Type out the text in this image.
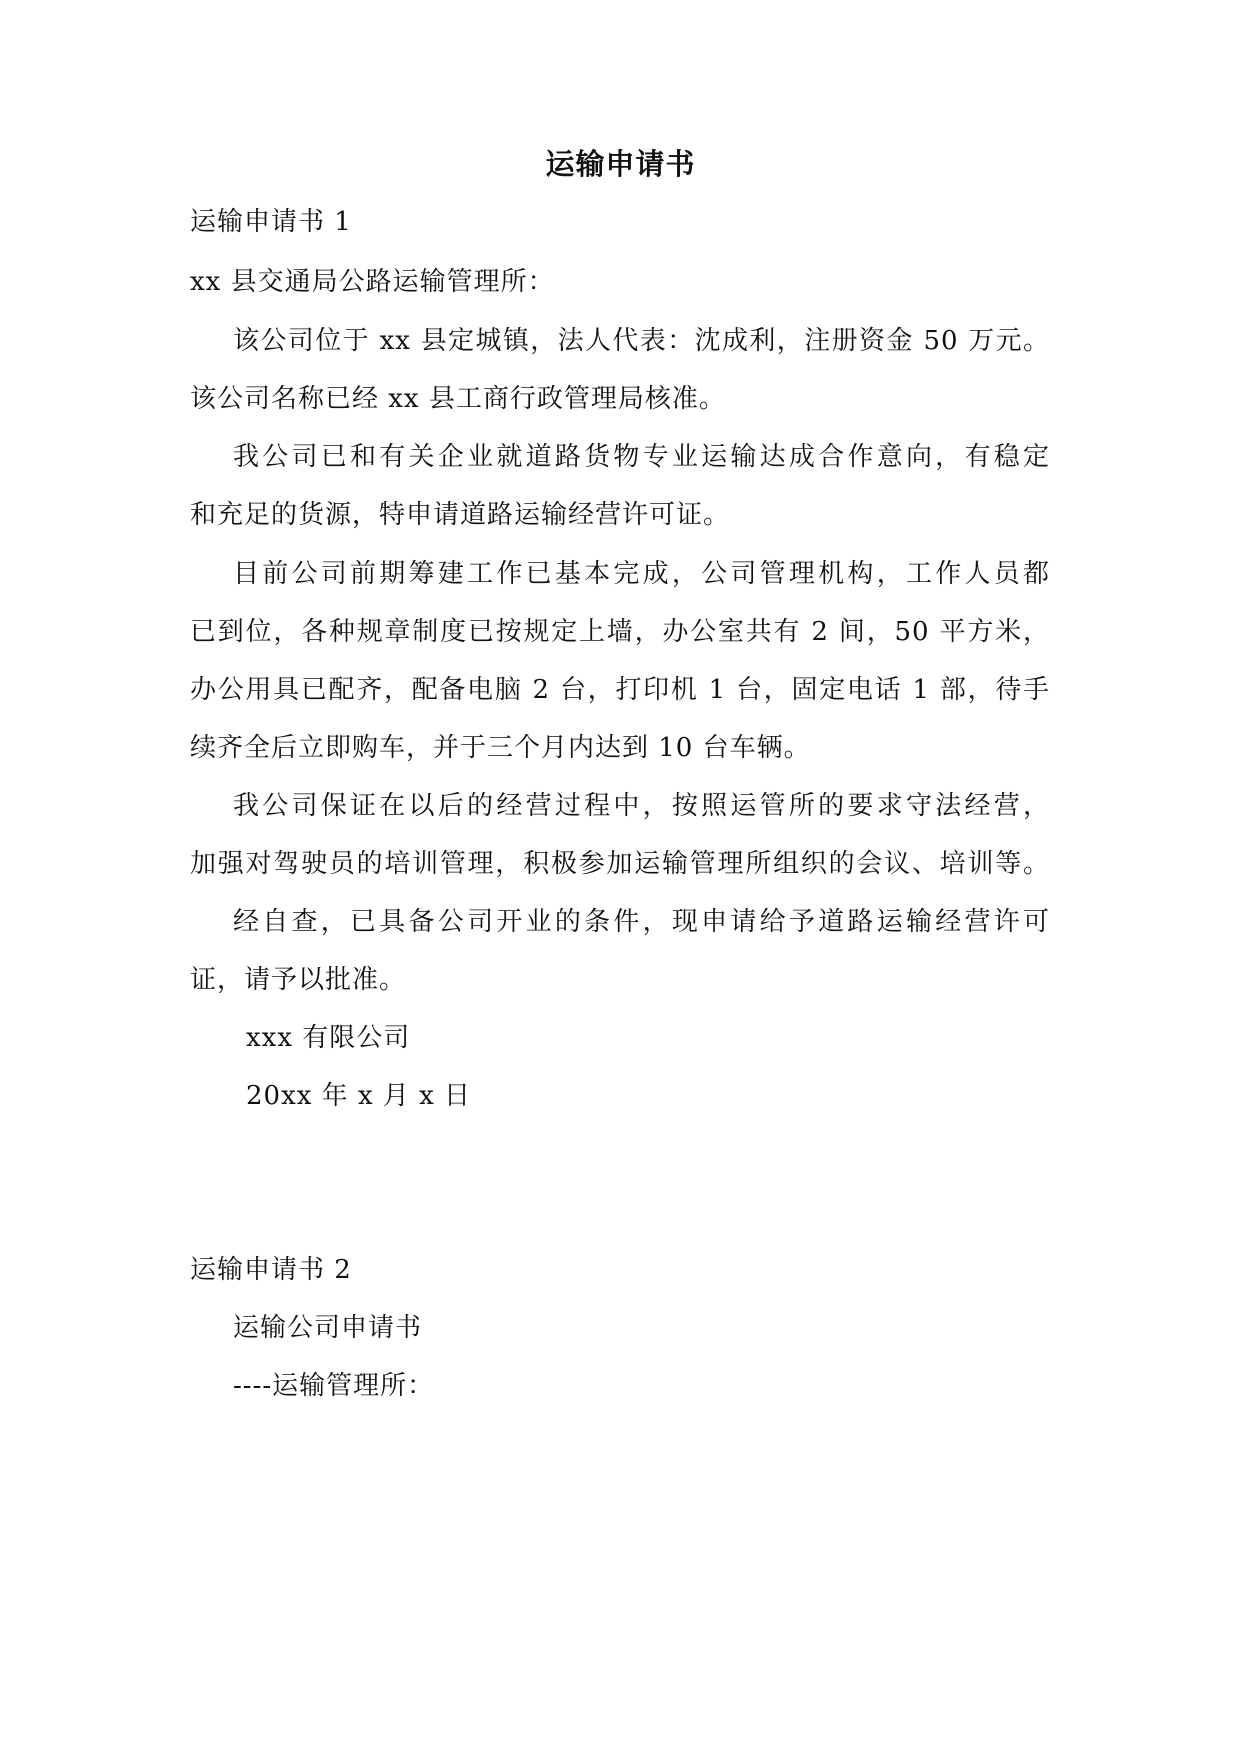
运输申请书
运输申请书 1
xx 县交通局公路运输管理所：
该公司位于 xx 县定城镇，法人代表：沈成利，注册资金 50 万元。
该公司名称已经 xx 县工商行政管理局核准。
我公司已和有关企业就道路货物专业运输达成合作意向，有稳定
和充足的货源，特申请道路运输经营许可证。
目前公司前期筹建工作已基本完成，公司管理机构，工作人员都
已到位，各种规章制度已按规定上墙，办公室共有 2 间，50 平方米，
办公用具已配齐，配备电脑 2 台，打印机 1 台，固定电话 1 部，待手
续齐全后立即购车，并于三个月内达到 10 台车辆。
我公司保证在以后的经营过程中，按照运管所的要求守法经营，
加强对驾驶员的培训管理，积极参加运输管理所组织的会议、培训等。
经自查，已具备公司开业的条件，现申请给予道路运输经营许可
证，请予以批准。
xxx 有限公司
20xx 年 x 月 x 日
运输申请书 2
运输公司申请书
----运输管理所：
